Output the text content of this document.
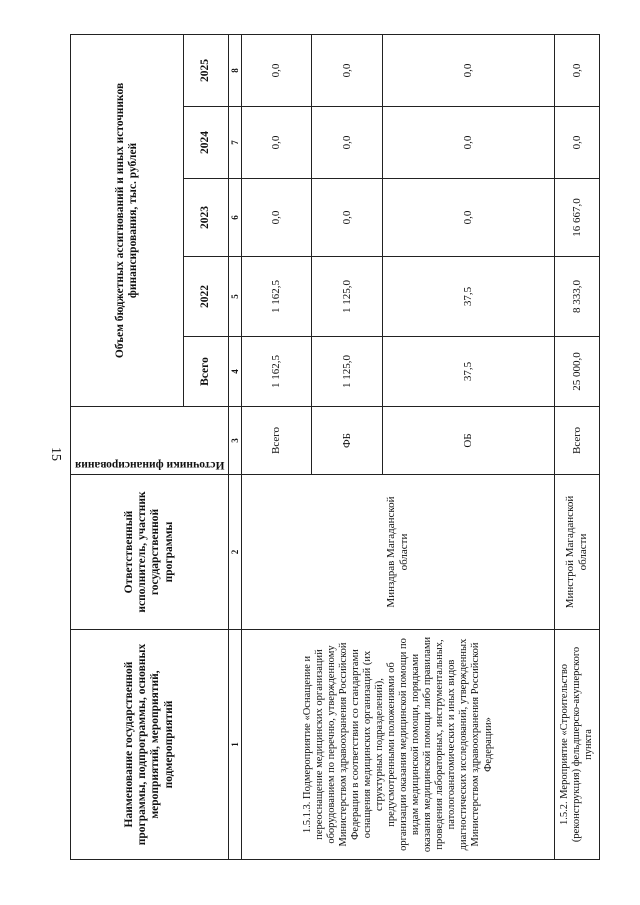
15
Наименование государственной программы, подпрограммы, основных мероприятий, мероприятий, подмероприятий	Ответственный исполнитель, участник государственной программы	Источники финансирования	Объем бюджетных ассигнований и иных источников финансирования, тыс. рублей				
			Всего	2022	2023	2024	2025
1	2	3	4	5	6	7	8
1.5.1.3. Подмероприятие «Оснащение и переоснащение медицинских организаций оборудованием по перечню, утвержденному Министерством здравоохранения Российской Федерации в соответствии со стандартами оснащения медицинских организаций (их структурных подразделений), предусмотренными положениями об организации оказания медицинской помощи по видам медицинской помощи, порядками оказания медицинской помощи либо правилами проведения лабораторных, инструментальных, патологоанатомических и иных видов диагностических исследований, утвержденных Министерством здравоохранения Российской Федерации»	Минздрав Магаданской области	Всего	1 162,5	1 162,5	0,0	0,0	0,0
		ФБ	1 125,0	1 125,0	0,0	0,0	0,0
		ОБ	37,5	37,5	0,0	0,0	0,0
1.5.2. Мероприятие «Строительство (реконструкция) фельдшерско-акушерского пункта	Минстрой Магаданской области	Всего	25 000,0	8 333,0	16 667,0	0,0	0,0
